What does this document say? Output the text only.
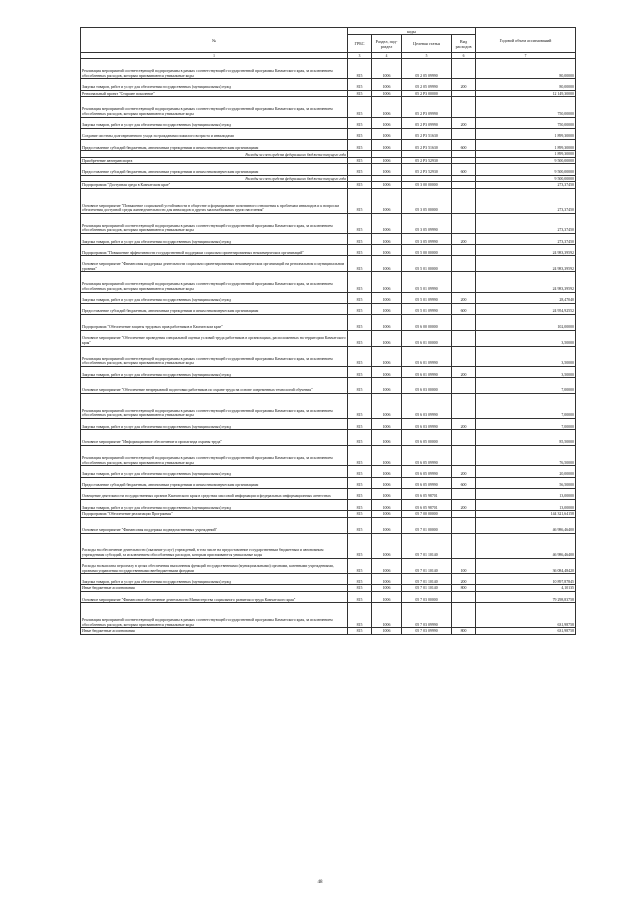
№	коды				Годовой объем ассигнований
	ГРБС	Раздел, под-раздел	Целевая статья	Вид расходов	
1	3	4	5	6	7
Реализация мероприятий соответствующей подпрограммы в рамках соответствующей государственной программы Камчатского края, за исключением обособленных расходов, которым присваиваются уникальные коды	815	1006	05 2 05 09990		80,00000
Закупка товаров, работ и услуг для обеспечения государственных (муниципальных) нужд	815	1006	05 2 05 09990	200	80,00000
Региональный проект "Старшее поколение"	815	1006	05 2 P3 00000		12 149,30000
Реализация мероприятий соответствующей подпрограммы в рамках соответствующей государственной программы Камчатского края, за исключением обособленных расходов, которым присваиваются уникальные коды	815	1006	05 2 P3 09990		750,00000
Закупка товаров, работ и услуг для обеспечения государственных (муниципальных) нужд	815	1006	05 2 P3 09990	200	750,00000
Создание системы долговременного ухода за гражданами пожилого возраста и инвалидами	815	1006	05 2 P3 51630		1 899,30000
Предоставление субсидий бюджетным, автономным учреждениям и иным некоммерческим организациям	815	1006	05 2 P3 51630	600	1 899,30000
Расходы за счет средств федерального бюджета текущего года					1 899,30000
Приобретение автотранспорта	815	1006	05 2 P3 52930		9 500,00000
Предоставление субсидий бюджетным, автономным учреждениям и иным некоммерческим организациям	815	1006	05 2 P3 52930	600	9 500,00000
Расходы за счет средств федерального бюджета текущего года					9 500,00000
Подпрограмма "Доступная среда в Камчатском крае"	815	1006	05 3 00 00000		273,37450
Основное мероприятие "Повышение социальной устойчивости в обществе и формирование позитивного отношения к проблемам инвалидов и к вопросам обеспечения доступной среды жизнедеятельности для инвалидов и других маломобильных групп населения"	815	1006	05 3 05 00000		273,37450
Реализация мероприятий соответствующей подпрограммы в рамках соответствующей государственной программы Камчатского края, за исключением обособленных расходов, которым присваиваются уникальные коды	815	1006	05 3 05 09990		273,37450
Закупка товаров, работ и услуг для обеспечения государственных (муниципальных) нужд	815	1006	05 3 05 09990	200	273,37450
Подпрограмма "Повышение эффективности государственной поддержки социально ориентированных некоммерческих организаций"	815	1006	05 5 00 00000		24 983,39592
Основное мероприятие "Финансовая поддержка деятельности социально ориентированных некоммерческих организаций на региональном и муниципальном уровнях"	815	1006	05 5 01 00000		24 983,39592
Реализация мероприятий соответствующей подпрограммы в рамках соответствующей государственной программы Камчатского края, за исключением обособленных расходов, которым присваиваются уникальные коды	815	1006	05 5 01 09990		24 983,39592
Закупка товаров, работ и услуг для обеспечения государственных (муниципальных) нужд	815	1006	05 5 01 09990	200	28,47040
Предоставление субсидий бюджетным, автономным учреждениям и иным некоммерческим организациям	815	1006	05 5 01 09990	600	24 954,92552
Подпрограмма "Обеспечение защиты трудовых прав работников в Камчатском крае"	815	1006	05 6 00 00000		102,00000
Основное мероприятие "Обеспечение проведения специальной оценки условий труда работников в организациях, расположенных на территории Камчатского края"	815	1006	05 6 01 00000		3,50000
Реализация мероприятий соответствующей подпрограммы в рамках соответствующей государственной программы Камчатского края, за исключением обособленных расходов, которым присваиваются уникальные коды	815	1006	05 6 01 09990		3,50000
Закупка товаров, работ и услуг для обеспечения государственных (муниципальных) нужд	815	1006	05 6 01 09990	200	3,50000
Основное мероприятие "Обеспечение непрерывной подготовки работников по охране труда на основе современных технологий обучения"	815	1006	05 6 03 00000		7,00000
Реализация мероприятий соответствующей подпрограммы в рамках соответствующей государственной программы Камчатского края, за исключением обособленных расходов, которым присваиваются уникальные коды	815	1006	05 6 03 09990		7,00000
Закупка товаров, работ и услуг для обеспечения государственных (муниципальных) нужд	815	1006	05 6 03 09990	200	7,00000
Основное мероприятие "Информационное обеспечение и пропаганда охраны труда"	815	1006	05 6 05 00000		85,50000
Реализация мероприятий соответствующей подпрограммы в рамках соответствующей государственной программы Камчатского края, за исключением обособленных расходов, которым присваиваются уникальные коды	815	1006	05 6 05 09990		76,50000
Закупка товаров, работ и услуг для обеспечения государственных (муниципальных) нужд	815	1006	05 6 05 09990	200	20,00000
Предоставление субсидий бюджетным, автономным учреждениям и иным некоммерческим организациям	815	1006	05 6 05 09990	600	56,50000
Освещение деятельности государственных органов Камчатского края в средствах массовой информации и федеральных информационных агентствах	815	1006	05 6 05 98701		13,00000
Закупка товаров, работ и услуг для обеспечения государственных (муниципальных) нужд	815	1006	05 6 05 98701	200	13,00000
Подпрограмма "Обеспечение реализации Программы"	815	1006	05 7 00 00000		144 321,64158
Основное мероприятие "Финансовая поддержка подведомственных учреждений"	815	1006	05 7 01 00000		46 986,46400
Расходы на обеспечение деятельности (оказание услуг) учреждений, в том числе на предоставление государственным бюджетным и автономным учреждениям субсидий, за исключением обособленных расходов, которым присваиваются уникальные коды	815	1006	05 7 01 10140		46 986,46400
Расходы на выплаты персоналу в целях обеспечения выполнения функций государственными (муниципальными) органами, казенными учреждениями, органами управления государственными внебюджетными фондами	815	1006	05 7 01 10140	100	36 084,48420
Закупка товаров, работ и услуг для обеспечения государственных (муниципальных) нужд	815	1006	05 7 01 10140	200	10 897,87845
Иные бюджетные ассигнования	815	1006	05 7 01 10140	800	4,10135
Основное мероприятие "Финансовое обеспечение деятельности Министерства социального развития и труда Камчатского края"	815	1006	05 7 03 00000		79 298,83758
Реализация мероприятий соответствующей подпрограммы в рамках соответствующей государственной программы Камчатского края, за исключением обособленных расходов, которым присваиваются уникальные коды	815	1006	05 7 03 09990		631,98758
Иные бюджетные ассигнования	815	1006	05 7 03 09990	800	631,98758
48
